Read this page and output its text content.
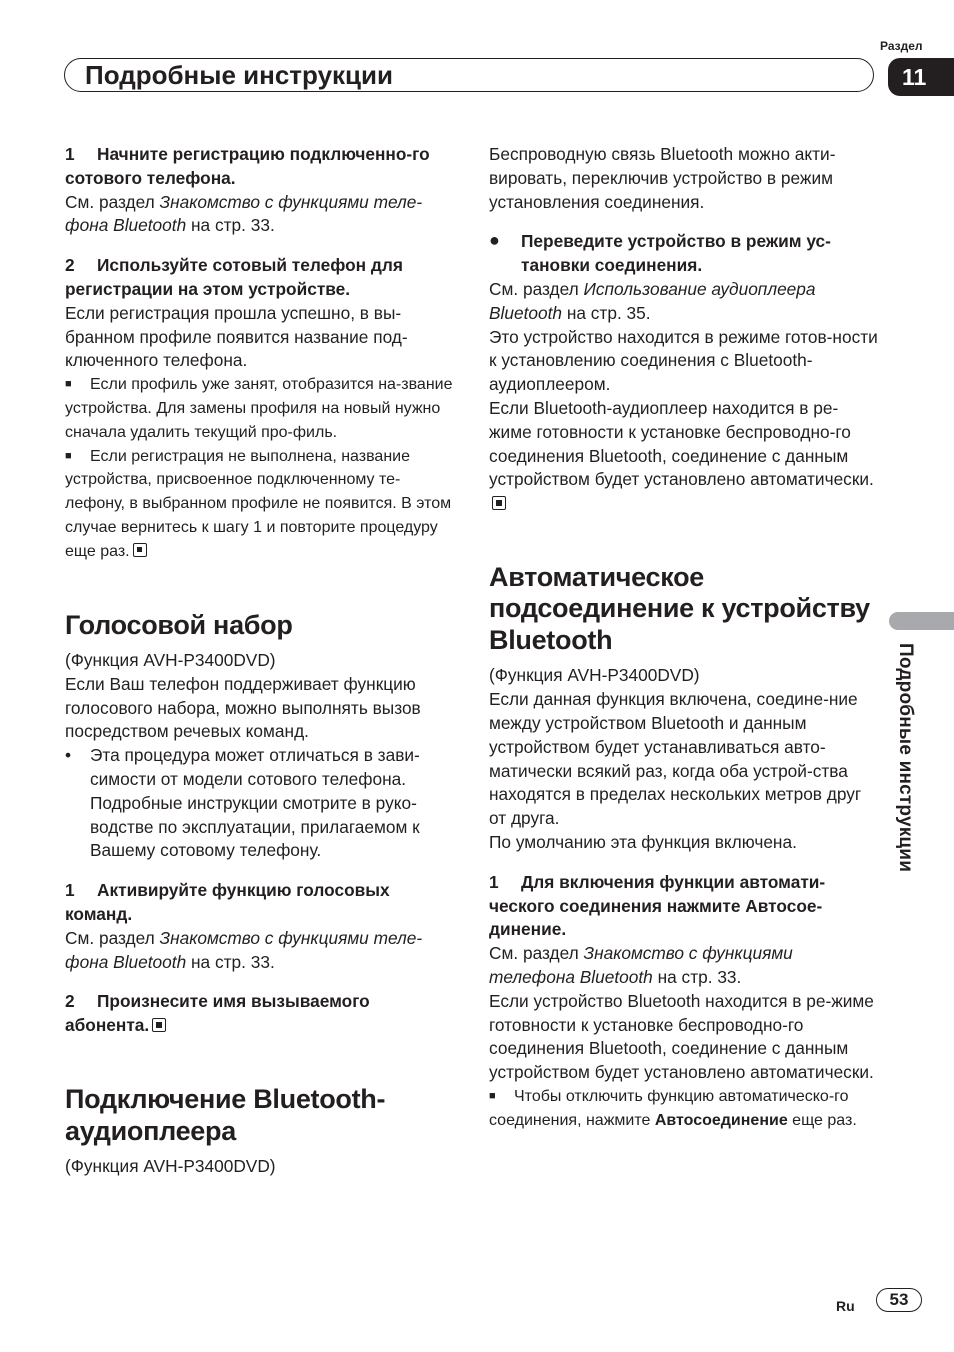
Подробные инструкции
Раздел
11
Подробные инструкции

1 Начните регистрацию подключенно-го сотового телефона.

См. раздел Знакомство с функциями теле-фона Bluetooth на стр. 33.

2 Используйте сотовый телефон для регистрации на этом устройстве.

Если регистрация прошла успешно, в вы-бранном профиле появится название под-ключенного телефона.

■ Если профиль уже занят, отобразится на-звание устройства. Для замены профиля на новый нужно сначала удалить текущий про-филь.

■ Если регистрация не выполнена, название устройства, присвоенное подключенному те-лефону, в выбранном профиле не появится. В этом случае вернитесь к шагу 1 и повторите процедуру еще раз.

Голосовой набор

(Функция AVH-P3400DVD)

Если Ваш телефон поддерживает функцию голосового набора, можно выполнять вызов посредством речевых команд.

• Эта процедура может отличаться в зави-симости от модели сотового телефона. Подробные инструкции смотрите в руко-водстве по эксплуатации, прилагаемом к Вашему сотовому телефону.

1 Активируйте функцию голосовых команд.

См. раздел Знакомство с функциями теле-фона Bluetooth на стр. 33.

2 Произнесите имя вызываемого абонента.

Подключение Bluetooth-аудиоплеера

(Функция AVH-P3400DVD)

Беспроводную связь Bluetooth можно акти-вировать, переключив устройство в режим установления соединения.

● Переведите устройство в режим ус-тановки соединения.

См. раздел Использование аудиоплеера Bluetooth на стр. 35.

Это устройство находится в режиме готов-ности к установлению соединения с Bluetooth-аудиоплеером.

Если Bluetooth-аудиоплеер находится в ре-жиме готовности к установке беспроводно-го соединения Bluetooth, соединение с данным устройством будет установлено автоматически.

Автоматическое подсоединение к устройству Bluetooth

(Функция AVH-P3400DVD)

Если данная функция включена, соедине-ние между устройством Bluetooth и данным устройством будет устанавливаться авто-матически всякий раз, когда оба устрой-ства находятся в пределах нескольких метров друг от друга.

По умолчанию эта функция включена.

1 Для включения функции автомати-ческого соединения нажмите Автосое-динение.

См. раздел Знакомство с функциями телефона Bluetooth на стр. 33.

Если устройство Bluetooth находится в ре-жиме готовности к установке беспроводно-го соединения Bluetooth, соединение с данным устройством будет установлено автоматически.

■ Чтобы отключить функцию автоматическо-го соединения, нажмите Автосоединение еще раз.

Ru	53
